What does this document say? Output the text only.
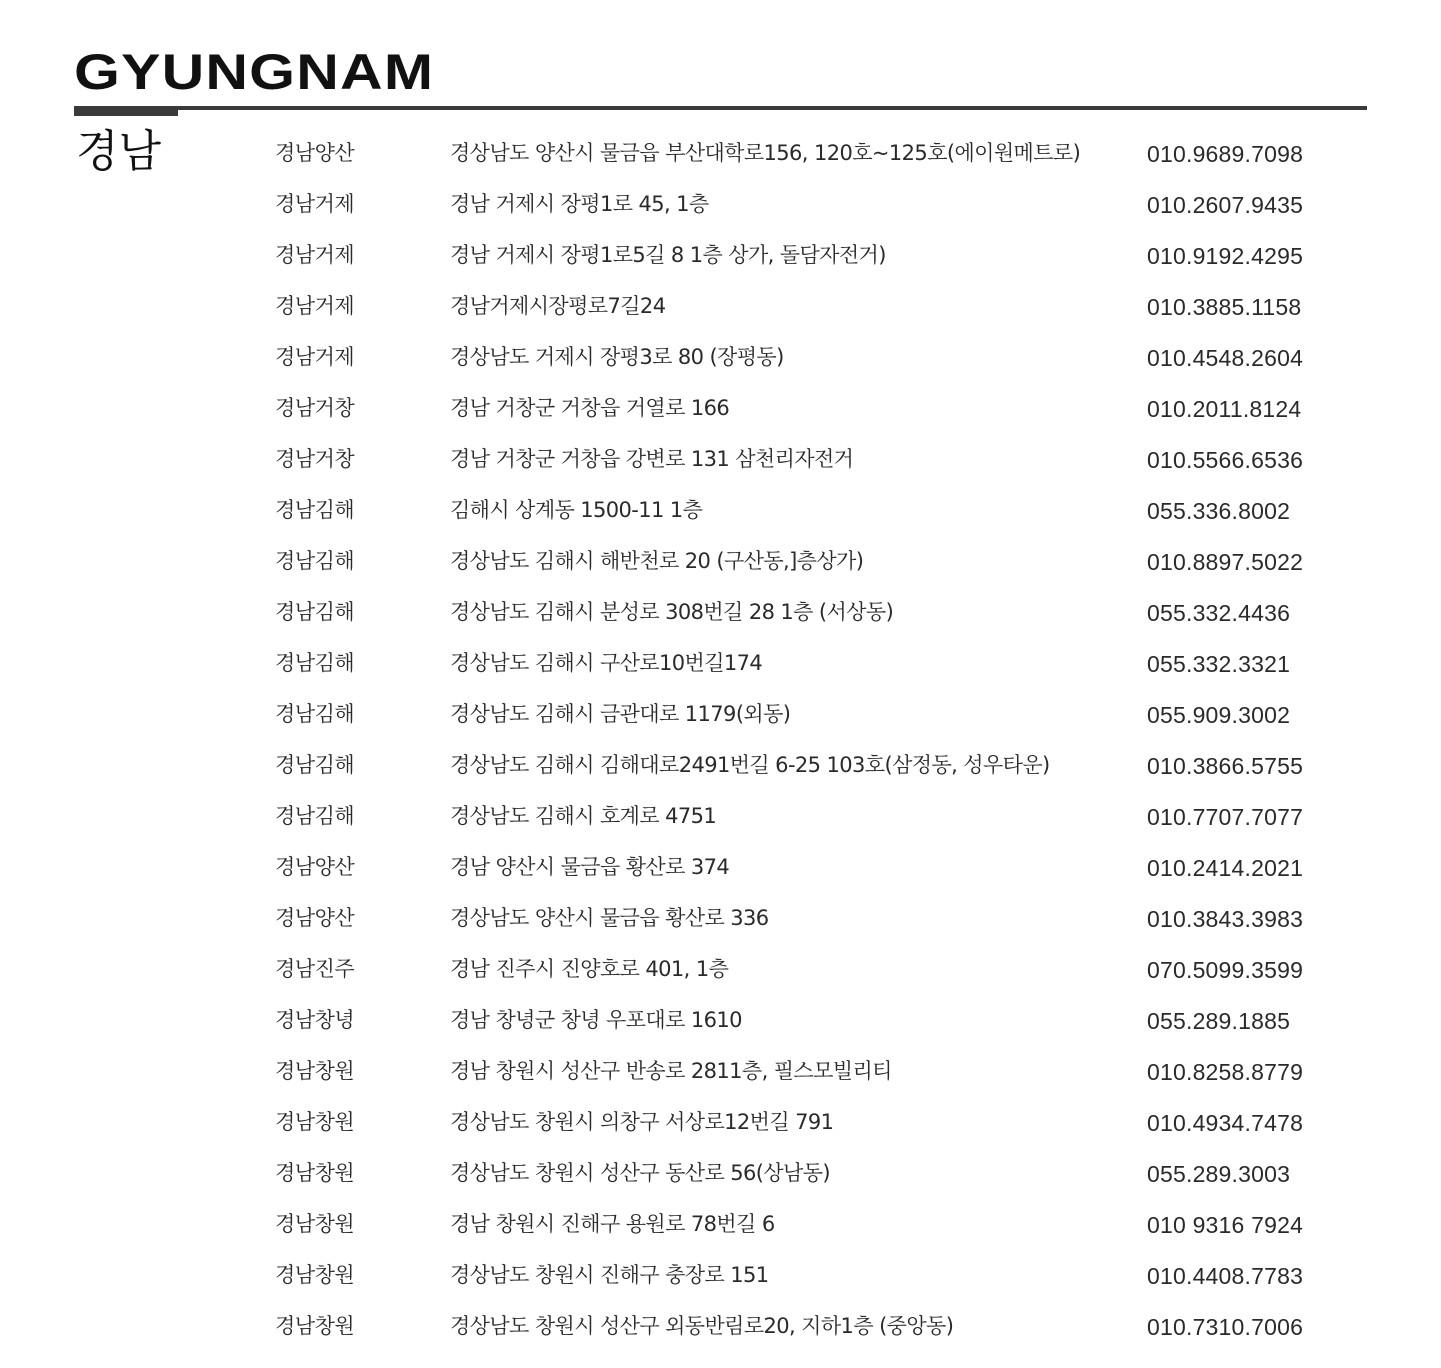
GYUNGNAM
경남	경남양산	경상남도 양산시 물금읍 부산대학로156, 120호~125호(에이원메트로)	010.9689.7098
경남거제	경남 거제시 장평1로 45, 1층	010.2607.9435
경남거제	경남 거제시 장평1로5길 8 1층 상가, 돌담자전거)	010.9192.4295
경남거제	경남거제시장평로7길24	010.3885.1158
경남거제	경상남도 거제시 장평3로 80 (장평동)	010.4548.2604
경남거창	경남 거창군 거창읍 거열로 166	010.2011.8124
경남거창	경남 거창군 거창읍 강변로 131 삼천리자전거	010.5566.6536
경남김해	김해시 상계동 1500-11 1층	055.336.8002
경남김해	경상남도 김해시 해반천로 20 (구산동,]층상가)	010.8897.5022
경남김해	경상남도 김해시 분성로 308번길 28 1층 (서상동)	055.332.4436
경남김해	경상남도 김해시 구산로10번길174	055.332.3321
경남김해	경상남도 김해시 금관대로 1179(외동)	055.909.3002
경남김해	경상남도 김해시 김해대로2491번길 6-25 103호(삼정동, 성우타운)	010.3866.5755
경남김해	경상남도 김해시 호계로 4751	010.7707.7077
경남양산	경남 양산시 물금읍 황산로 374	010.2414.2021
경남양산	경상남도 양산시 물금읍 황산로 336	010.3843.3983
경남진주	경남 진주시 진양호로 401, 1층	070.5099.3599
경남창녕	경남 창녕군 창녕 우포대로 1610	055.289.1885
경남창원	경남 창원시 성산구 반송로 2811층, 필스모빌리티	010.8258.8779
경남창원	경상남도 창원시 의창구 서상로12번길 791	010.4934.7478
경남창원	경상남도 창원시 성산구 동산로 56(상남동)	055.289.3003
경남창원	경남 창원시 진해구 용원로 78번길 6	010 9316 7924
경남창원	경상남도 창원시 진해구 충장로 151	010.4408.7783
경남창원	경상남도 창원시 성산구 외동반림로20, 지하1층 (중앙동)	010.7310.7006
